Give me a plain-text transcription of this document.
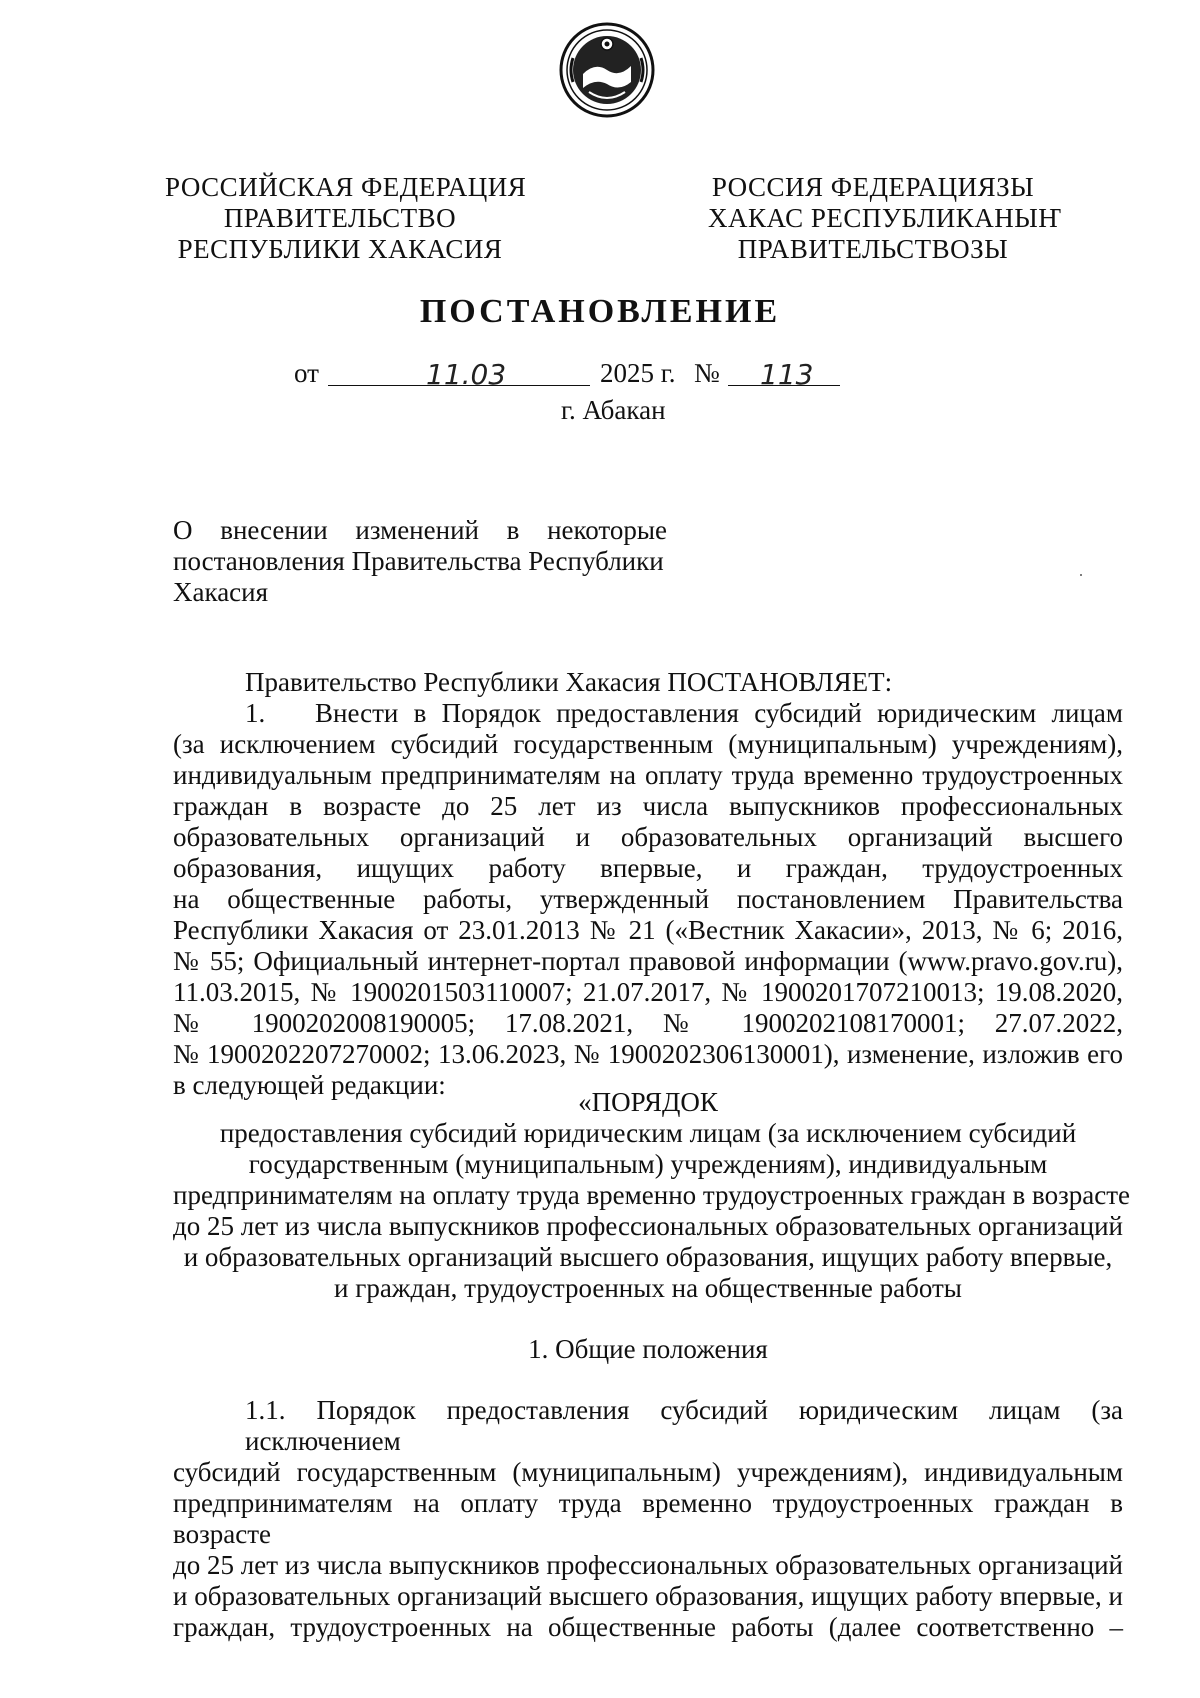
РОССИЙСКАЯ ФЕДЕРАЦИЯ
ПРАВИТЕЛЬСТВО
РЕСПУБЛИКИ ХАКАСИЯ
РОССИЯ ФЕДЕРАЦИЯЗЫ
ХАКАС РЕСПУБЛИКАНЫҤ
ПРАВИТЕЛЬСТВОЗЫ
ПОСТАНОВЛЕНИЕ
от	11.03	2025 г. № 113
г. Абакан
О внесении изменений в некоторые
постановления Правительства Республики
Хакасия
Правительство Республики Хакасия ПОСТАНОВЛЯЕТ:
1. Внести в Порядок предоставления субсидий юридическим лицам
(за исключением субсидий государственным (муниципальным) учреждениям),
индивидуальным предпринимателям на оплату труда временно трудоустроенных
граждан в возрасте до 25 лет из числа выпускников профессиональных
образовательных организаций и образовательных организаций высшего
образования, ищущих работу впервые, и граждан, трудоустроенных
на общественные работы, утвержденный постановлением Правительства
Республики Хакасия от 23.01.2013 № 21 («Вестник Хакасии», 2013, № 6; 2016,
№ 55; Официальный интернет-портал правовой информации (www.pravo.gov.ru),
11.03.2015, № 1900201503110007; 21.07.2017, № 1900201707210013; 19.08.2020,
№ 1900202008190005; 17.08.2021, № 1900202108170001; 27.07.2022,
№ 1900202207270002; 13.06.2023, № 1900202306130001), изменение, изложив его
в следующей редакции:
«ПОРЯДОК
предоставления субсидий юридическим лицам (за исключением субсидий
государственным (муниципальным) учреждениям), индивидуальным
предпринимателям на оплату труда временно трудоустроенных граждан в возрасте
до 25 лет из числа выпускников профессиональных образовательных организаций
и образовательных организаций высшего образования, ищущих работу впервые,
и граждан, трудоустроенных на общественные работы
1. Общие положения
1.1. Порядок предоставления субсидий юридическим лицам (за исключением
субсидий государственным (муниципальным) учреждениям), индивидуальным
предпринимателям на оплату труда временно трудоустроенных граждан в возрасте
до 25 лет из числа выпускников профессиональных образовательных организаций
и образовательных организаций высшего образования, ищущих работу впервые, и
граждан, трудоустроенных на общественные работы (далее соответственно –
